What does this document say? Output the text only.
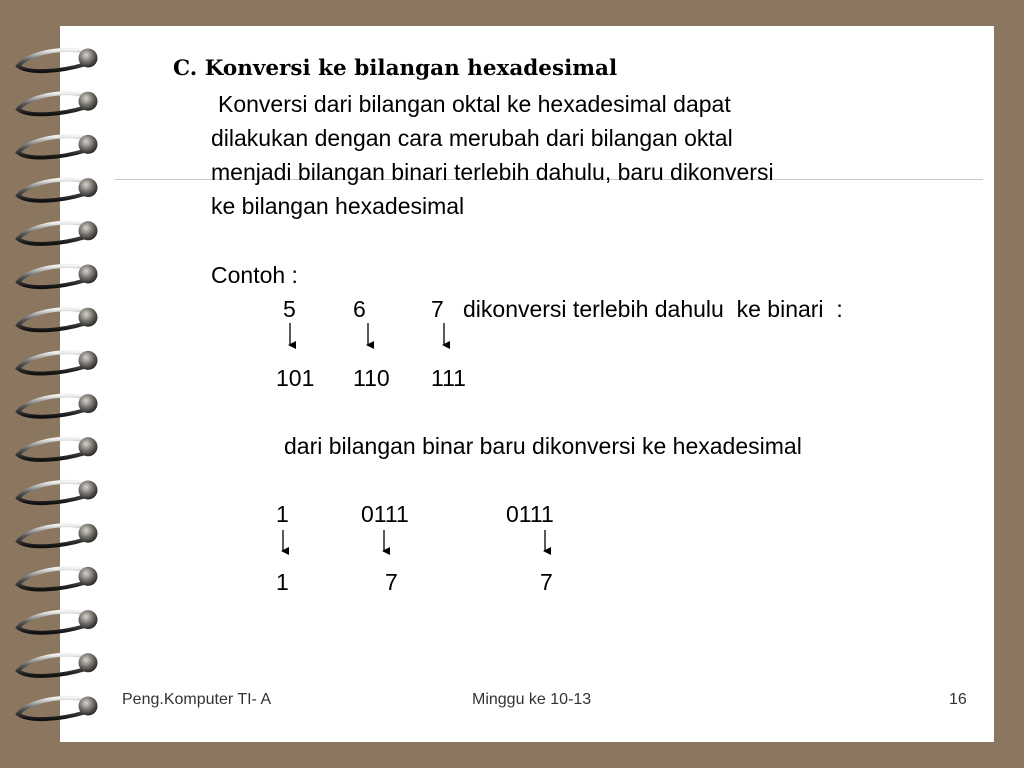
C. Konversi ke bilangan hexadesimal
Konversi dari bilangan oktal ke hexadesimal dapat
dilakukan dengan cara merubah dari bilangan oktal
menjadi bilangan binari terlebih dahulu, baru dikonversi
ke bilangan hexadesimal
Contoh :
5 6	7 dikonversi terlebih dahulu  ke binari  :
101 110 111
dari bilangan binar baru dikonversi ke hexadesimal
1	0111	0111
1	7	7
Peng.Komputer TI- A	Minggu ke 10-13	16
